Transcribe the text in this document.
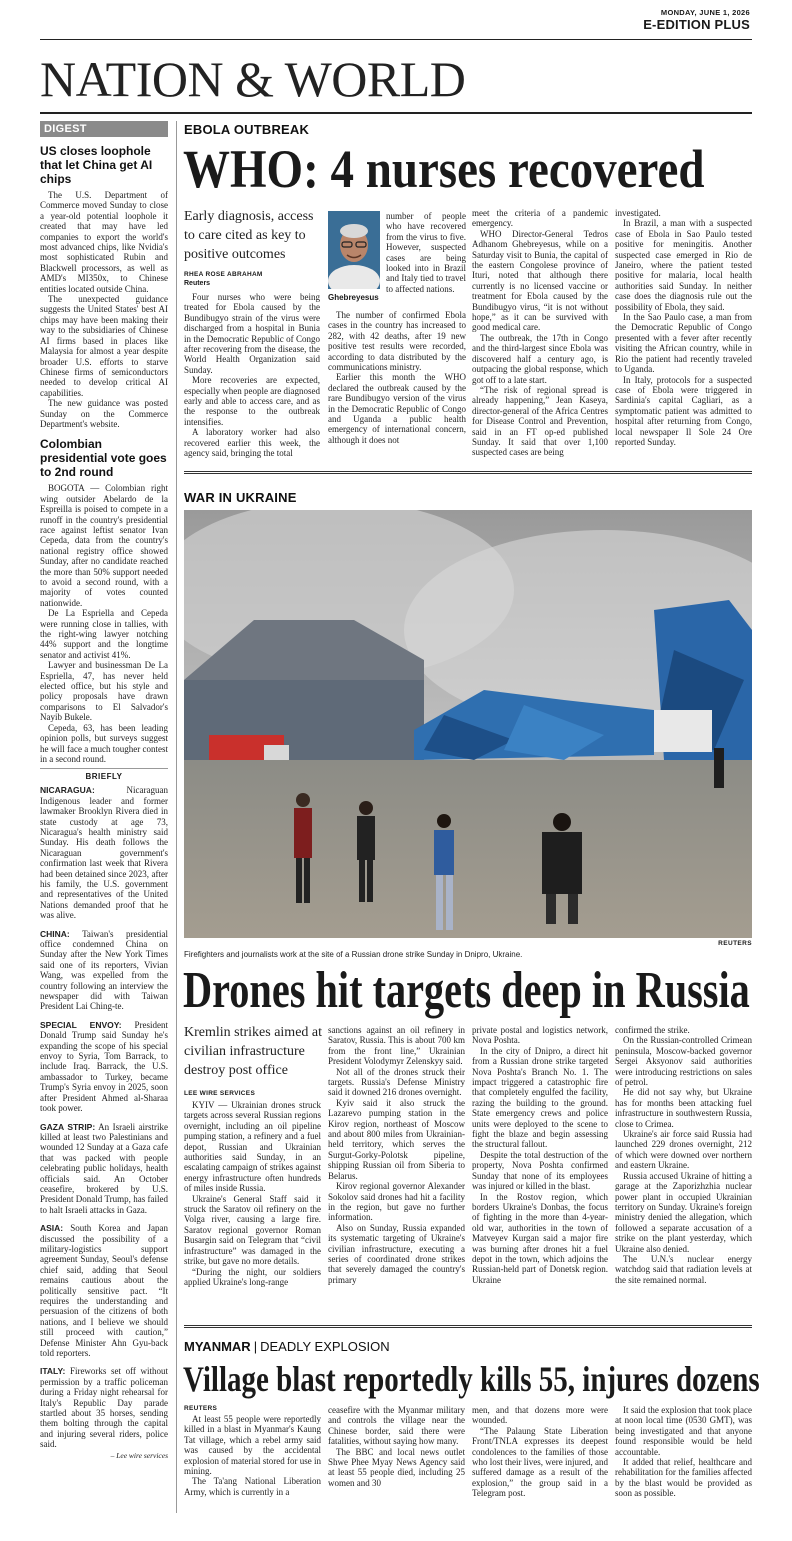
MONDAY, JUNE 1, 2026
E-EDITION PLUS
NATION & WORLD
DIGEST
US closes loophole that let China get AI chips

The U.S. Department of Commerce moved Sunday to close a year-old potential loophole it created that may have led companies to export the world's most advanced chips, like Nvidia's most sophisticated Rubin and Blackwell processors, as well as AMD's MI350x, to Chinese entities located outside China.

The unexpected guidance suggests the United States' best AI chips may have been making their way to the subsidiaries of Chinese AI firms based in places like Malaysia for almost a year despite broader U.S. efforts to starve Chinese firms of semiconductors needed to develop critical AI capabilities.

The new guidance was posted Sunday on the Commerce Department's website.

Colombian presidential vote goes to 2nd round

BOGOTA — Colombian right wing outsider Abelardo de la Espreilla is poised to compete in a runoff in the country's presidential race against leftist senator Ivan Cepeda, data from the country's national registry office showed Sunday, after no candidate reached the more than 50% support needed to avoid a second round, with a majority of votes counted nationwide.

De La Espriella and Cepeda were running close in tallies, with the right-wing lawyer notching 44% support and the longtime senator and activist 41%.

Lawyer and businessman De La Espriella, 47, has never held elected office, but his style and policy proposals have drawn comparisons to El Salvador's Nayib Bukele.

Cepeda, 63, has been leading opinion polls, but surveys suggest he will face a much tougher contest in a second round.

BRIEFLY

NICARAGUA:	Nicaraguan Indigenous leader and former lawmaker Brooklyn Rivera died in state custody at age 73, Nicaragua's health ministry said Sunday. His death follows the Nicaraguan government's confirmation last week that Rivera had been detained since 2023, after his family, the U.S. government and representatives of the United Nations demanded proof that he was alive.

CHINA: Taiwan's presidential office condemned China on Sunday after the New York Times said one of its reporters, Vivian Wang, was expelled from the country following an interview the newspaper did with Taiwan President Lai Ching-te.

SPECIAL ENVOY: President Donald Trump said Sunday he's expanding the scope of his special envoy to Syria, Tom Barrack, to include Iraq. Barrack, the U.S. ambassador to Turkey, became Trump's Syria envoy in 2025, soon after President Ahmed al-Sharaa took power.

GAZA STRIP: An Israeli airstrike killed at least two Palestinians and wounded 12 Sunday at a Gaza cafe that was packed with people celebrating public holidays, health officials said. An October ceasefire, brokered by U.S. President Donald Trump, has failed to halt Israeli attacks in Gaza.

ASIA: South Korea and Japan discussed the possibility of a military-logistics support agreement Sunday, Seoul's defense chief said, adding that Seoul remains cautious about the politically sensitive pact. “It requires the understanding and persuasion of the citizens of both nations, and I believe we should still proceed with caution,” Defense Minister Ahn Gyu-back told reporters.

ITALY: Fireworks set off without permission by a traffic policeman during a Friday night rehearsal for Italy's Republic Day parade startled about 35 horses, sending them bolting through the capital and injuring several riders, police said.

– Lee wire services
EBOLA OUTBREAK
WHO: 4 nurses recovered
Early diagnosis, access to care cited as key to positive outcomes
RHEA ROSE ABRAHAM
Reuters

Four nurses who were being treated for Ebola caused by the Bundibugyo strain of the virus were discharged from a hospital in Bunia in the Democratic Republic of Congo after recovering from the disease, the World Health Organization said Sunday.

More recoveries are expected, especially when people are diagnosed early and able to access care, and as the response to the outbreak intensifies.

A laboratory worker had also recovered earlier this week, the agency said, bringing the total

Ghebreyesus

number of people who have recovered from the virus to five. However, suspected cases are being looked into in Brazil and Italy tied to travel to affected nations.

The number of confirmed Ebola cases in the country has increased to 282, with 42 deaths, after 19 new positive test results were recorded, according to data distributed by the communications ministry.

Earlier this month the WHO declared the outbreak caused by the rare Bundibugyo version of the virus in the Democratic Republic of Congo and Uganda a public health emergency of international concern, although it does not

meet the criteria of a pandemic emergency.

WHO Director-General Tedros Adhanom Ghebreyesus, while on a Saturday visit to Bunia, the capital of the eastern Congolese province of Ituri, noted that although there currently is no licensed vaccine or treatment for Ebola caused by the Bundibugyo virus, “it is not without hope,” as it can be survived with good medical care.

The outbreak, the 17th in Congo and the third-largest since Ebola was discovered half a century ago, is outpacing the global response, which got off to a late start.

“The risk of regional spread is already happening,” Jean Kaseya, director-general of the Africa Centres for Disease Control and Prevention, said in an FT op-ed published Sunday. It said that over 1,100 suspected cases are being

investigated.

In Brazil, a man with a suspected case of Ebola in Sao Paulo tested positive for meningitis. Another suspected case emerged in Rio de Janeiro, where the patient tested positive for malaria, local health authorities said Sunday. In neither case does the diagnosis rule out the possibility of Ebola, they said.

In the Sao Paulo case, a man from the Democratic Republic of Congo presented with a fever after recently visiting the African country, while in Rio the patient had recently traveled to Uganda.

In Italy, protocols for a suspected case of Ebola were triggered in Sardinia's capital Cagliari, as a symptomatic patient was admitted to hospital after returning from Congo, local newspaper Il Sole 24 Ore reported Sunday.

WAR IN UKRAINE
REUTERS
Firefighters and journalists work at the site of a Russian drone strike Sunday in Dnipro, Ukraine.
Drones hit targets deep in Russia
Kremlin strikes aimed at civilian infrastructure destroy post office
LEE WIRE SERVICES

KYIV — Ukrainian drones struck targets across several Russian regions overnight, including an oil pipeline pumping station, a refinery and a fuel depot, Russian and Ukrainian authorities said Sunday, in an escalating campaign of strikes against energy infrastructure often hundreds of miles inside Russia.

Ukraine's General Staff said it struck the Saratov oil refinery on the Volga river, causing a large fire. Saratov regional governor Roman Busargin said on Telegram that “civil infrastructure” was damaged in the strike, but gave no more details.

“During the night, our soldiers applied Ukraine's long-range

sanctions against an oil refinery in Saratov, Russia. This is about 700 km from the front line,” Ukrainian President Volodymyr Zelenskyy said.

Not all of the drones struck their targets. Russia's Defense Ministry said it downed 216 drones overnight.

Kyiv said it also struck the Lazarevo pumping station in the Kirov region, northeast of Moscow and about 800 miles from Ukrainian-held territory, which serves the Surgut-Gorky-Polotsk pipeline, shipping Russian oil from Siberia to Belarus.

Kirov regional governor Alexander Sokolov said drones had hit a facility in the region, but gave no further information.

Also on Sunday, Russia expanded its systematic targeting of Ukraine's civilian infrastructure, executing a series of coordinated drone strikes that severely damaged the country's primary

private postal and logistics network, Nova Poshta.

In the city of Dnipro, a direct hit from a Russian drone strike targeted Nova Poshta's Branch No. 1. The impact triggered a catastrophic fire that completely engulfed the facility, razing the building to the ground. State emergency crews and police units were deployed to the scene to fight the blaze and begin assessing the structural fallout.

Despite the total destruction of the property, Nova Poshta confirmed Sunday that none of its employees was injured or killed in the blast.

In the Rostov region, which borders Ukraine's Donbas, the focus of fighting in the more than 4-year-old war, authorities in the town of Matveyev Kurgan said a major fire was burning after drones hit a fuel depot in the town, which adjoins the Russian-held part of Donetsk region. Ukraine

confirmed the strike.

On the Russian-controlled Crimean peninsula, Moscow-backed governor Sergei Aksyonov said authorities were introducing restrictions on sales of petrol.

He did not say why, but Ukraine has for months been attacking fuel infrastructure in southwestern Russia, close to Crimea.

Ukraine's air force said Russia had launched 229 drones overnight, 212 of which were downed over northern and eastern Ukraine.

Russia accused Ukraine of hitting a garage at the Zaporizhzhia nuclear power plant in occupied Ukrainian territory on Sunday. Ukraine's foreign ministry denied the allegation, which followed a separate accusation of a strike on the plant yesterday, which Ukraine also denied.

The U.N.'s nuclear energy watchdog said that radiation levels at the site remained normal.

MYANMAR | DEADLY EXPLOSION
Village blast reportedly kills 55, injures dozens
REUTERS

At least 55 people were reportedly killed in a blast in Myanmar's Kaung Tat village, which a rebel army said was caused by the accidental explosion of material stored for use in mining.

The Ta'ang National Liberation Army, which is currently in a

ceasefire with the Myanmar military and controls the village near the Chinese border, said there were fatalities, without saying how many.

The BBC and local news outlet Shwe Phee Myay News Agency said at least 55 people died, including 25 women and 30

men, and that dozens more were wounded.

“The Palaung State Liberation Front/TNLA expresses its deepest condolences to the families of those who lost their lives, were injured, and suffered damage as a result of the explosion,” the group said in a Telegram post.

It said the explosion that took place at noon local time (0530 GMT), was being investigated and that anyone found responsible would be held accountable.

It added that relief, healthcare and rehabilitation for the families affected by the blast would be provided as soon as possible.
